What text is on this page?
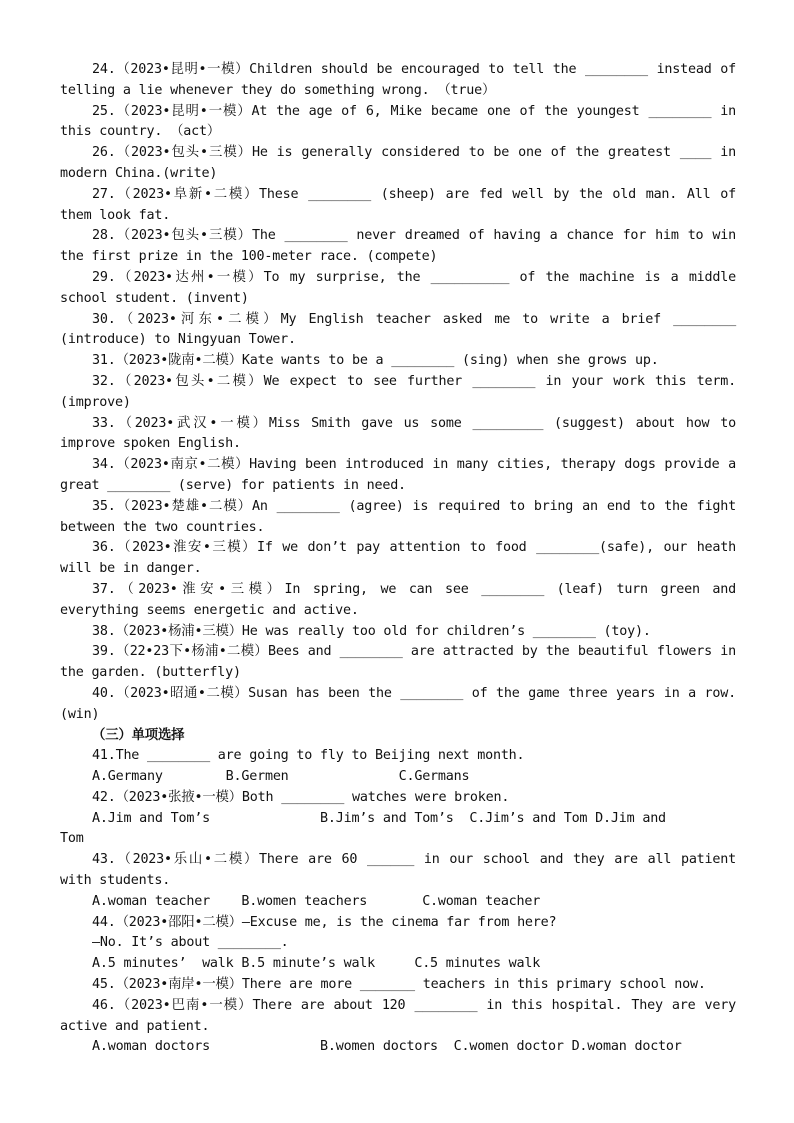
24.（2023•昆明•一模）Children should be encouraged to tell the ________ instead of telling a lie whenever they do something wrong. （true）

25.（2023•昆明•一模）At the age of 6, Mike became one of the youngest ________ in this country. （act）

26.（2023•包头•三模）He is generally considered to be one of the greatest ____ in modern China.(write)

27.（2023•阜新•二模）These ________ (sheep) are fed well by the old man. All of them look fat.

28.（2023•包头•三模）The ________ never dreamed of having a chance for him to win the first prize in the 100-meter race. (compete)

29.（2023•达州•一模）To my surprise, the __________ of the machine is a middle school student. (invent)

30.（2023•河东•二模）My English teacher asked me to write a brief ________ (introduce) to Ningyuan Tower.

31.（2023•陇南•二模）Kate wants to be a ________ (sing) when she grows up.

32.（2023•包头•二模）We expect to see further ________ in your work this term. (improve)

33.（2023•武汉•一模）Miss Smith gave us some _________ (suggest) about how to improve spoken English.

34.（2023•南京•二模）Having been introduced in many cities, therapy dogs provide a great ________ (serve) for patients in need.

35.（2023•楚雄•二模）An ________ (agree) is required to bring an end to the fight between the two countries.

36.（2023•淮安•三模）If we don’t pay attention to food ________(safe), our heath will be in danger.

37.（2023•淮安•三模）In spring, we can see ________ (leaf) turn green and everything seems energetic and active.

38.（2023•杨浦•三模）He was really too old for children’s ________ (toy).

39.（22•23下•杨浦•二模）Bees and ________ are attracted by the beautiful flowers in the garden. (butterfly)

40.（2023•昭通•二模）Susan has been the ________ of the game three years in a row. (win)

（三）单项选择

41.The ________ are going to fly to Beijing next month.

A.Germany        B.Germen              C.Germans

42.（2023•张掖•一模）Both ________ watches were broken.

A.Jim and Tom’s              B.Jim’s and Tom’s  C.Jim’s and Tom D.Jim and

Tom

43.（2023•乐山•二模）There are 60 ______ in our school and they are all patient with students.

A.woman teacher    B.women teachers       C.woman teacher

44.（2023•邵阳•二模）—Excuse me, is the cinema far from here?

—No. It’s about ________.

A.5 minutes’  walk B.5 minute’s walk     C.5 minutes walk

45.（2023•南岸•一模）There are more _______ teachers in this primary school now.

46.（2023•巴南•一模）There are about 120 ________ in this hospital. They are very active and patient.

A.woman doctors              B.women doctors  C.women doctor D.woman doctor
